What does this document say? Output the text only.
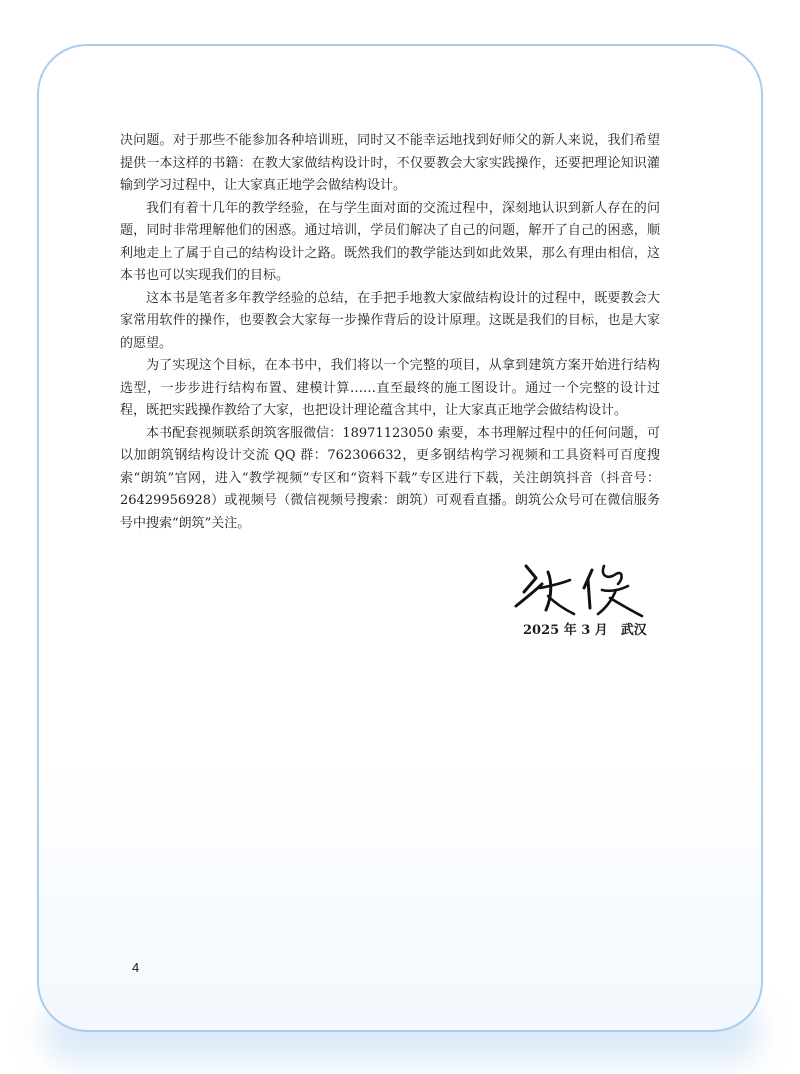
决问题。对于那些不能参加各种培训班，同时又不能幸运地找到好师父的新人来说，我们希望提供一本这样的书籍：在教大家做结构设计时，不仅要教会大家实践操作，还要把理论知识灌输到学习过程中，让大家真正地学会做结构设计。

我们有着十几年的教学经验，在与学生面对面的交流过程中，深刻地认识到新人存在的问题，同时非常理解他们的困惑。通过培训，学员们解决了自己的问题，解开了自己的困惑，顺利地走上了属于自己的结构设计之路。既然我们的教学能达到如此效果，那么有理由相信，这本书也可以实现我们的目标。

这本书是笔者多年教学经验的总结，在手把手地教大家做结构设计的过程中，既要教会大家常用软件的操作，也要教会大家每一步操作背后的设计原理。这既是我们的目标，也是大家的愿望。

为了实现这个目标，在本书中，我们将以一个完整的项目，从拿到建筑方案开始进行结构选型，一步步进行结构布置、建模计算……直至最终的施工图设计。通过一个完整的设计过程，既把实践操作教给了大家，也把设计理论蕴含其中，让大家真正地学会做结构设计。

本书配套视频联系朗筑客服微信：18971123050 索要，本书理解过程中的任何问题，可以加朗筑钢结构设计交流 QQ 群：762306632，更多钢结构学习视频和工具资料可百度搜索“朗筑”官网，进入“教学视频”专区和“资料下载”专区进行下载，关注朗筑抖音（抖音号：26429956928）或视频号（微信视频号搜索：朗筑）可观看直播。朗筑公众号可在微信服务号中搜索“朗筑”关注。

2025 年 3 月　武汉
4
